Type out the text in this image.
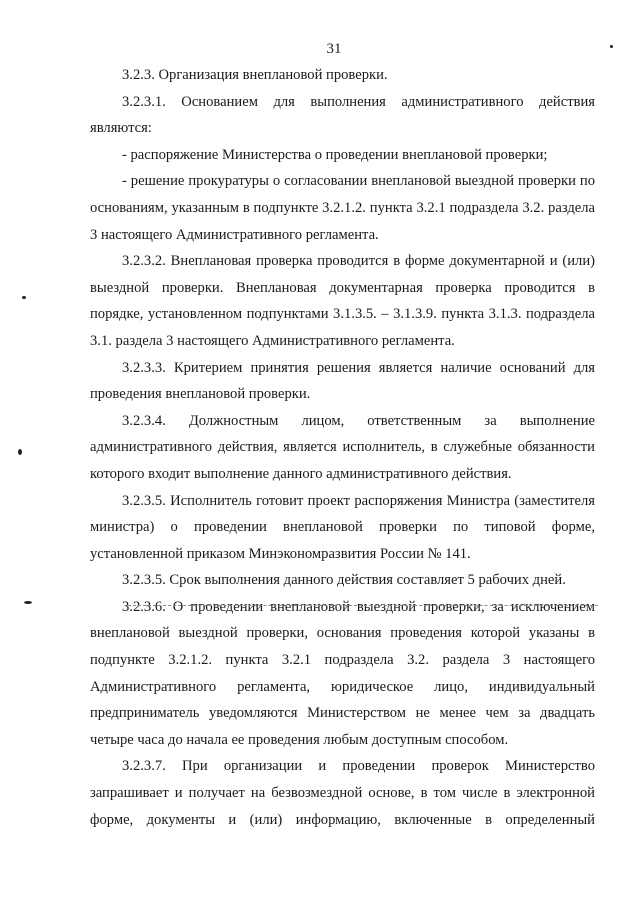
31

3.2.3. Организация внеплановой проверки.

3.2.3.1. Основанием для выполнения административного действия являются:

- распоряжение Министерства о проведении внеплановой проверки;

- решение прокуратуры о согласовании внеплановой выездной проверки по основаниям, указанным в подпункте 3.2.1.2. пункта 3.2.1 подраздела 3.2. раздела 3 настоящего Административного регламента.

3.2.3.2. Внеплановая проверка проводится в форме документарной и (или) выездной проверки. Внеплановая документарная проверка проводится в порядке, установленном подпунктами 3.1.3.5. – 3.1.3.9. пункта 3.1.3. подраздела 3.1. раздела 3 настоящего Административного регламента.

3.2.3.3. Критерием принятия решения является наличие оснований для проведения внеплановой проверки.

3.2.3.4. Должностным лицом, ответственным за выполнение административного действия, является исполнитель, в служебные обязанности которого входит выполнение данного административного действия.

3.2.3.5. Исполнитель готовит проект распоряжения Министра (заместителя министра) о проведении внеплановой проверки по типовой форме, установленной приказом Минэкономразвития России № 141.

3.2.3.5. Срок выполнения данного действия составляет 5 рабочих дней.

3.2.3.6. О проведении внеплановой выездной проверки, за исключением внеплановой выездной проверки, основания проведения которой указаны в подпункте 3.2.1.2. пункта 3.2.1 подраздела 3.2. раздела 3 настоящего Административного регламента, юридическое лицо, индивидуальный предприниматель уведомляются Министерством не менее чем за двадцать четыре часа до начала ее проведения любым доступным способом.

3.2.3.7. При организации и проведении проверок Министерство запрашивает и получает на безвозмездной основе, в том числе в электронной форме, документы и (или) информацию, включенные в определенный
